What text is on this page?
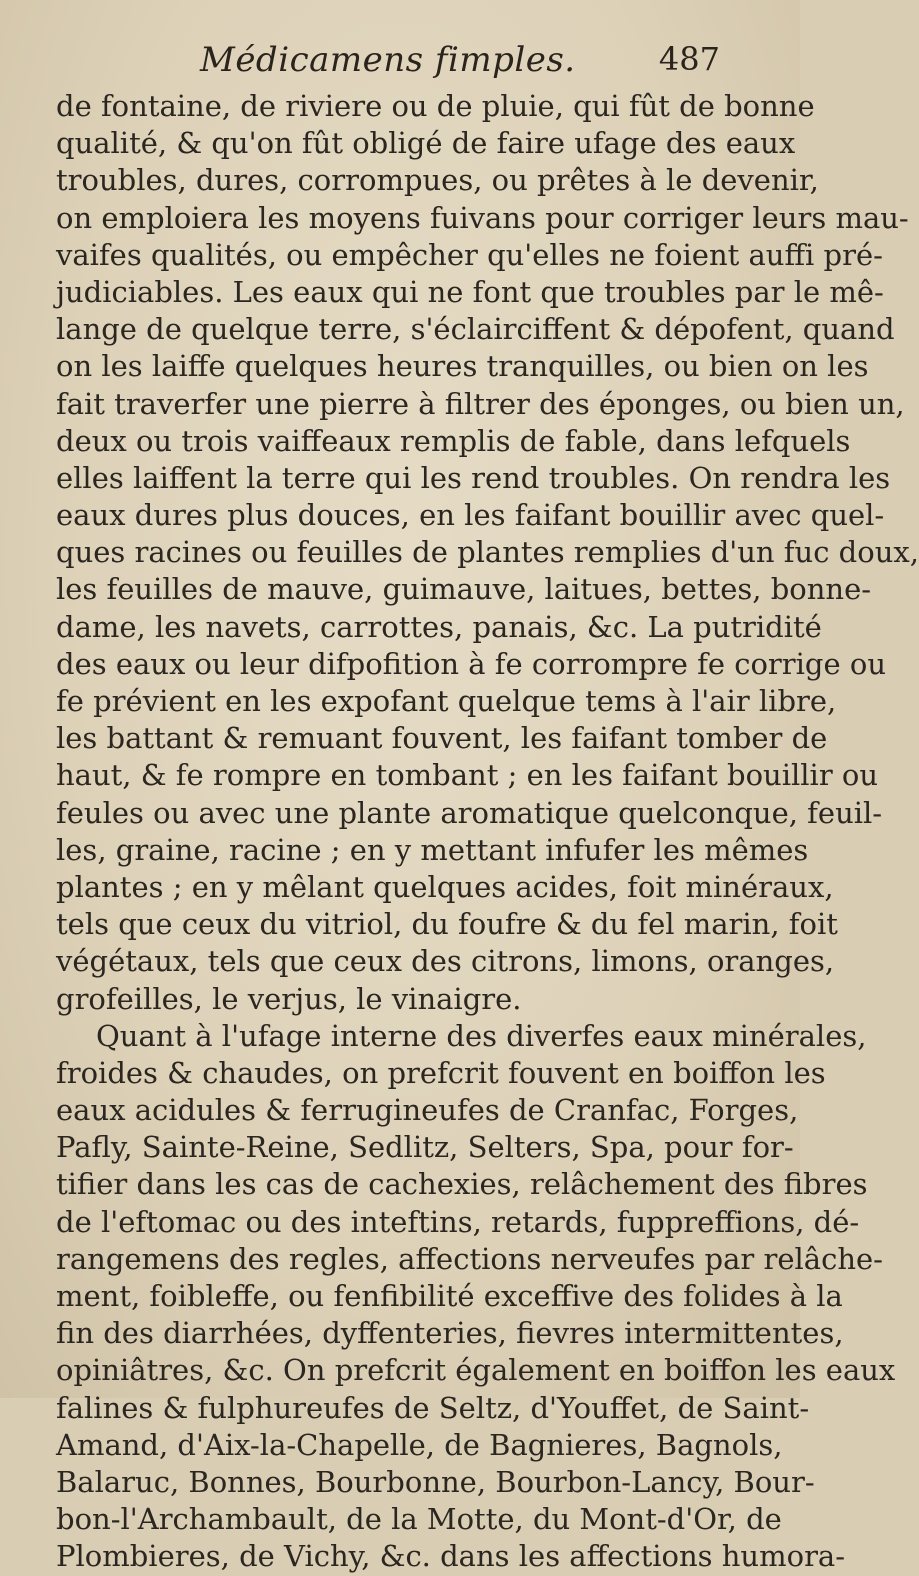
Médicamens fimples.	487
de fontaine, de riviere ou de pluie, qui fût de bonne
qualité, & qu'on fût obligé de faire ufage des eaux
troubles, dures, corrompues, ou prêtes à le devenir,
on emploiera les moyens fuivans pour corriger leurs mau-
vaifes qualités, ou empêcher qu'elles ne foient auffi pré-
judiciables. Les eaux qui ne font que troubles par le mê-
lange de quelque terre, s'éclairciffent & dépofent, quand
on les laiffe quelques heures tranquilles, ou bien on les
fait traverfer une pierre à filtrer des éponges, ou bien un,
deux ou trois vaiffeaux remplis de fable, dans lefquels
elles laiffent la terre qui les rend troubles. On rendra les
eaux dures plus douces, en les faifant bouillir avec quel-
ques racines ou feuilles de plantes remplies d'un fuc doux,
les feuilles de mauve, guimauve, laitues, bettes, bonne-
dame, les navets, carrottes, panais, &c. La putridité
des eaux ou leur difpofition à fe corrompre fe corrige ou
fe prévient en les expofant quelque tems à l'air libre,
les battant & remuant fouvent, les faifant tomber de
haut, & fe rompre en tombant ; en les faifant bouillir ou
feules ou avec une plante aromatique quelconque, feuil-
les, graine, racine ; en y mettant infufer les mêmes
plantes ; en y mêlant quelques acides, foit minéraux,
tels que ceux du vitriol, du foufre & du fel marin, foit
végétaux, tels que ceux des citrons, limons, oranges,
grofeilles, le verjus, le vinaigre.
Quant à l'ufage interne des diverfes eaux minérales,
froides & chaudes, on prefcrit fouvent en boiffon les
eaux acidules & ferrugineufes de Cranfac, Forges,
Pafly, Sainte-Reine, Sedlitz, Selters, Spa, pour for-
tifier dans les cas de cachexies, relâchement des fibres
de l'eftomac ou des inteftins, retards, fuppreffions, dé-
rangemens des regles, affections nerveufes par relâche-
ment, foibleffe, ou fenfibilité exceffive des folides à la
fin des diarrhées, dyffenteries, fievres intermittentes,
opiniâtres, &c. On prefcrit également en boiffon les eaux
falines & fulphureufes de Seltz, d'Youffet, de Saint-
Amand, d'Aix-la-Chapelle, de Bagnieres, Bagnols,
Balaruc, Bonnes, Bourbonne, Bourbon-Lancy, Bour-
bon-l'Archambault, de la Motte, du Mont-d'Or, de
Plombieres, de Vichy, &c. dans les affections humora-
